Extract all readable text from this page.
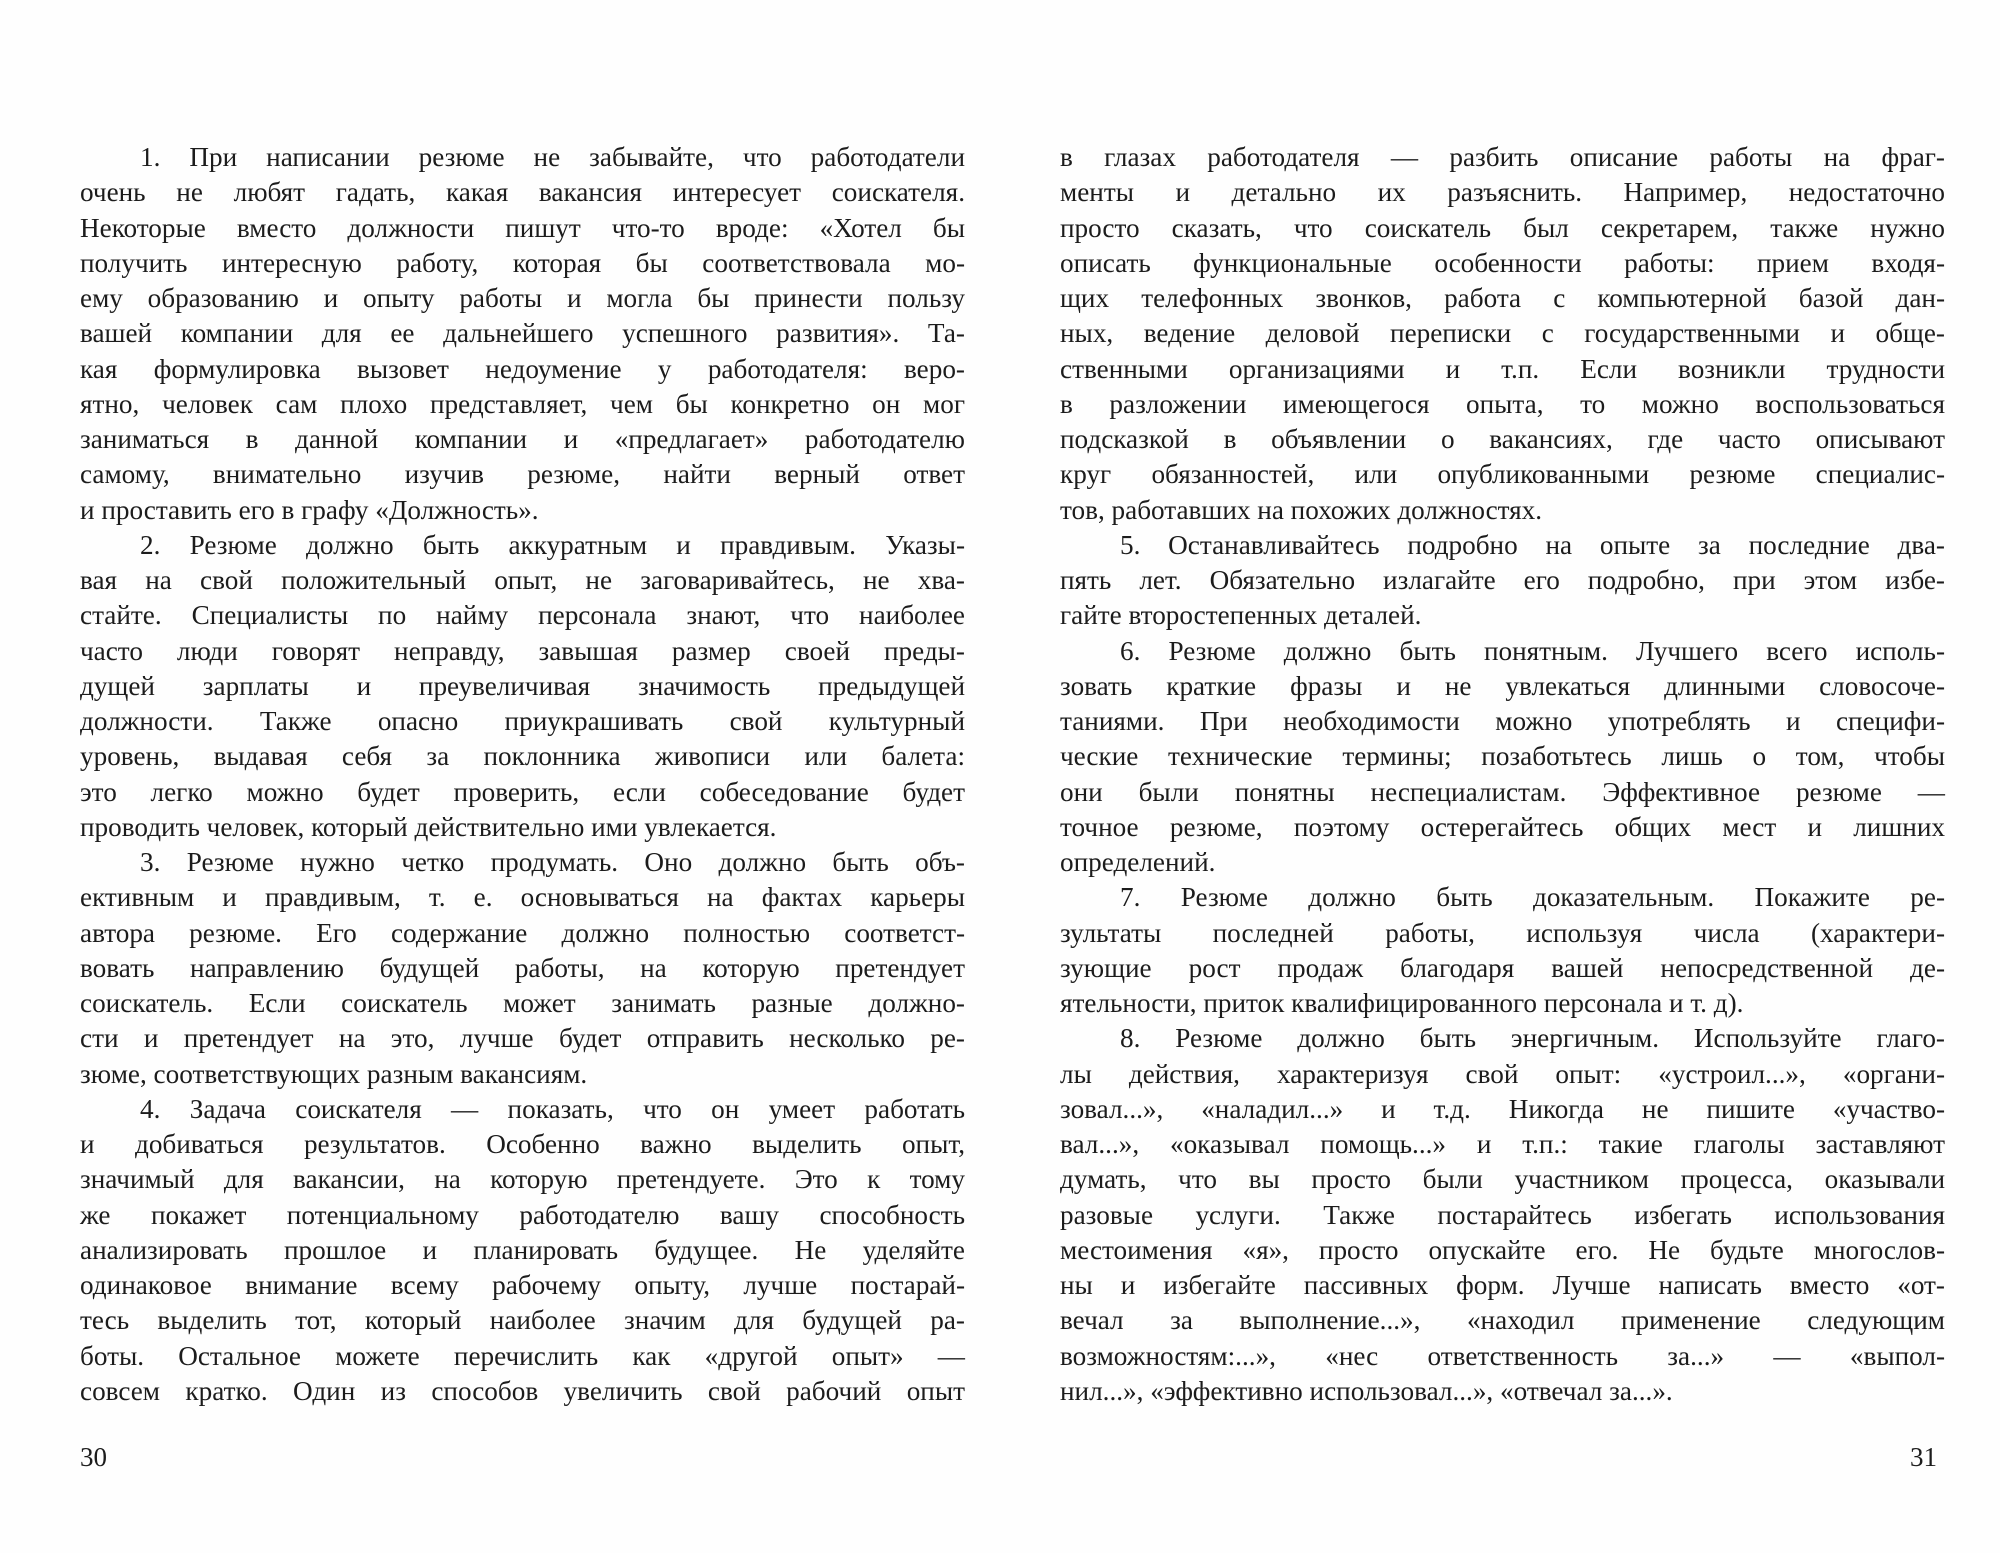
1. При написании резюме не забывайте, что работодатели
очень не любят гадать, какая вакансия интересует соискателя.
Некоторые вместо должности пишут что-то вроде: «Хотел бы
получить интересную работу, которая бы соответствовала мо-
ему образованию и опыту работы и могла бы принести пользу
вашей компании для ее дальнейшего успешного развития». Та-
кая формулировка вызовет недоумение у работодателя: веро-
ятно, человек сам плохо представляет, чем бы конкретно он мог
заниматься в данной компании и «предлагает» работодателю
самому, внимательно изучив резюме, найти верный ответ
и проставить его в графу «Должность».
2. Резюме должно быть аккуратным и правдивым. Указы-
вая на свой положительный опыт, не заговаривайтесь, не хва-
стайте. Специалисты по найму персонала знают, что наиболее
часто люди говорят неправду, завышая размер своей преды-
дущей зарплаты и преувеличивая значимость предыдущей
должности. Также опасно приукрашивать свой культурный
уровень, выдавая себя за поклонника живописи или балета:
это легко можно будет проверить, если собеседование будет
проводить человек, который действительно ими увлекается.
3. Резюме нужно четко продумать. Оно должно быть объ-
ективным и правдивым, т. е. основываться на фактах карьеры
автора резюме. Его содержание должно полностью соответст-
вовать направлению будущей работы, на которую претендует
соискатель. Если соискатель может занимать разные должно-
сти и претендует на это, лучше будет отправить несколько ре-
зюме, соответствующих разным вакансиям.
4. Задача соискателя — показать, что он умеет работать
и добиваться результатов. Особенно важно выделить опыт,
значимый для вакансии, на которую претендуете. Это к тому
же покажет потенциальному работодателю вашу способность
анализировать прошлое и планировать будущее. Не уделяйте
одинаковое внимание всему рабочему опыту, лучше постарай-
тесь выделить тот, который наиболее значим для будущей ра-
боты. Остальное можете перечислить как «другой опыт» —
совсем кратко. Один из способов увеличить свой рабочий опыт
30
в глазах работодателя — разбить описание работы на фраг-
менты и детально их разъяснить. Например, недостаточно
просто сказать, что соискатель был секретарем, также нужно
описать функциональные особенности работы: прием входя-
щих телефонных звонков, работа с компьютерной базой дан-
ных, ведение деловой переписки с государственными и обще-
ственными организациями и т.п. Если возникли трудности
в разложении имеющегося опыта, то можно воспользоваться
подсказкой в объявлении о вакансиях, где часто описывают
круг обязанностей, или опубликованными резюме специалис-
тов, работавших на похожих должностях.
5. Останавливайтесь подробно на опыте за последние два-
пять лет. Обязательно излагайте его подробно, при этом избе-
гайте второстепенных деталей.
6. Резюме должно быть понятным. Лучшего всего исполь-
зовать краткие фразы и не увлекаться длинными словосоче-
таниями. При необходимости можно употреблять и специфи-
ческие технические термины; позаботьтесь лишь о том, чтобы
они были понятны неспециалистам. Эффективное резюме —
точное резюме, поэтому остерегайтесь общих мест и лишних
определений.
7. Резюме должно быть доказательным. Покажите ре-
зультаты последней работы, используя числа (характери-
зующие рост продаж благодаря вашей непосредственной де-
ятельности, приток квалифицированного персонала и т. д).
8. Резюме должно быть энергичным. Используйте глаго-
лы действия, характеризуя свой опыт: «устроил...», «органи-
зовал...», «наладил...» и т.д. Никогда не пишите «участво-
вал...», «оказывал помощь...» и т.п.: такие глаголы заставляют
думать, что вы просто были участником процесса, оказывали
разовые услуги. Также постарайтесь избегать использования
местоимения «я», просто опускайте его. Не будьте многослов-
ны и избегайте пассивных форм. Лучше написать вместо «от-
вечал за выполнение...», «находил применение следующим
возможностям:...», «нес ответственность за...» — «выпол-
нил...», «эффективно использовал...», «отвечал за...».
31
